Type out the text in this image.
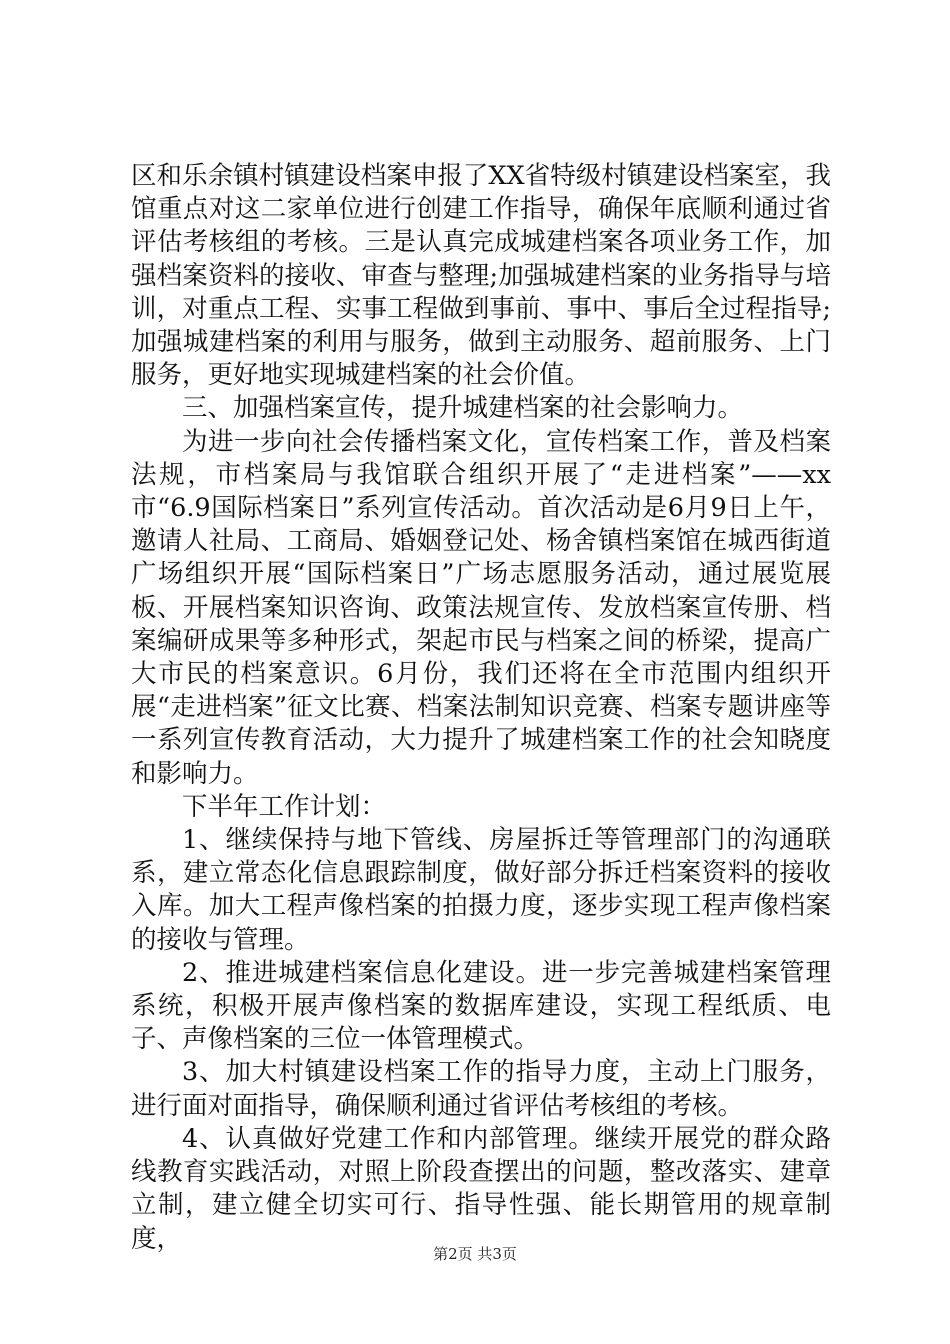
区和乐余镇村镇建设档案申报了XX省特级村镇建设档案室，我馆重点对这二家单位进行创建工作指导，确保年底顺利通过省评估考核组的考核。三是认真完成城建档案各项业务工作，加强档案资料的接收、审查与整理;加强城建档案的业务指导与培训，对重点工程、实事工程做到事前、事中、事后全过程指导;加强城建档案的利用与服务，做到主动服务、超前服务、上门服务，更好地实现城建档案的社会价值。

三、加强档案宣传，提升城建档案的社会影响力。

为进一步向社会传播档案文化，宣传档案工作，普及档案法规，市档案局与我馆联合组织开展了“走进档案”——xx市“6.9国际档案日”系列宣传活动。首次活动是6月9日上午，邀请人社局、工商局、婚姻登记处、杨舍镇档案馆在城西街道广场组织开展“国际档案日”广场志愿服务活动，通过展览展板、开展档案知识咨询、政策法规宣传、发放档案宣传册、档案编研成果等多种形式，架起市民与档案之间的桥梁，提高广大市民的档案意识。6月份，我们还将在全市范围内组织开展“走进档案”征文比赛、档案法制知识竞赛、档案专题讲座等一系列宣传教育活动，大力提升了城建档案工作的社会知晓度和影响力。

下半年工作计划：

1、继续保持与地下管线、房屋拆迁等管理部门的沟通联系，建立常态化信息跟踪制度，做好部分拆迁档案资料的接收入库。加大工程声像档案的拍摄力度，逐步实现工程声像档案的接收与管理。

2、推进城建档案信息化建设。进一步完善城建档案管理系统，积极开展声像档案的数据库建设，实现工程纸质、电子、声像档案的三位一体管理模式。

3、加大村镇建设档案工作的指导力度，主动上门服务，进行面对面指导，确保顺利通过省评估考核组的考核。

4、认真做好党建工作和内部管理。继续开展党的群众路线教育实践活动，对照上阶段查摆出的问题，整改落实、建章立制，建立健全切实可行、指导性强、能长期管用的规章制度，

第2页 共3页
